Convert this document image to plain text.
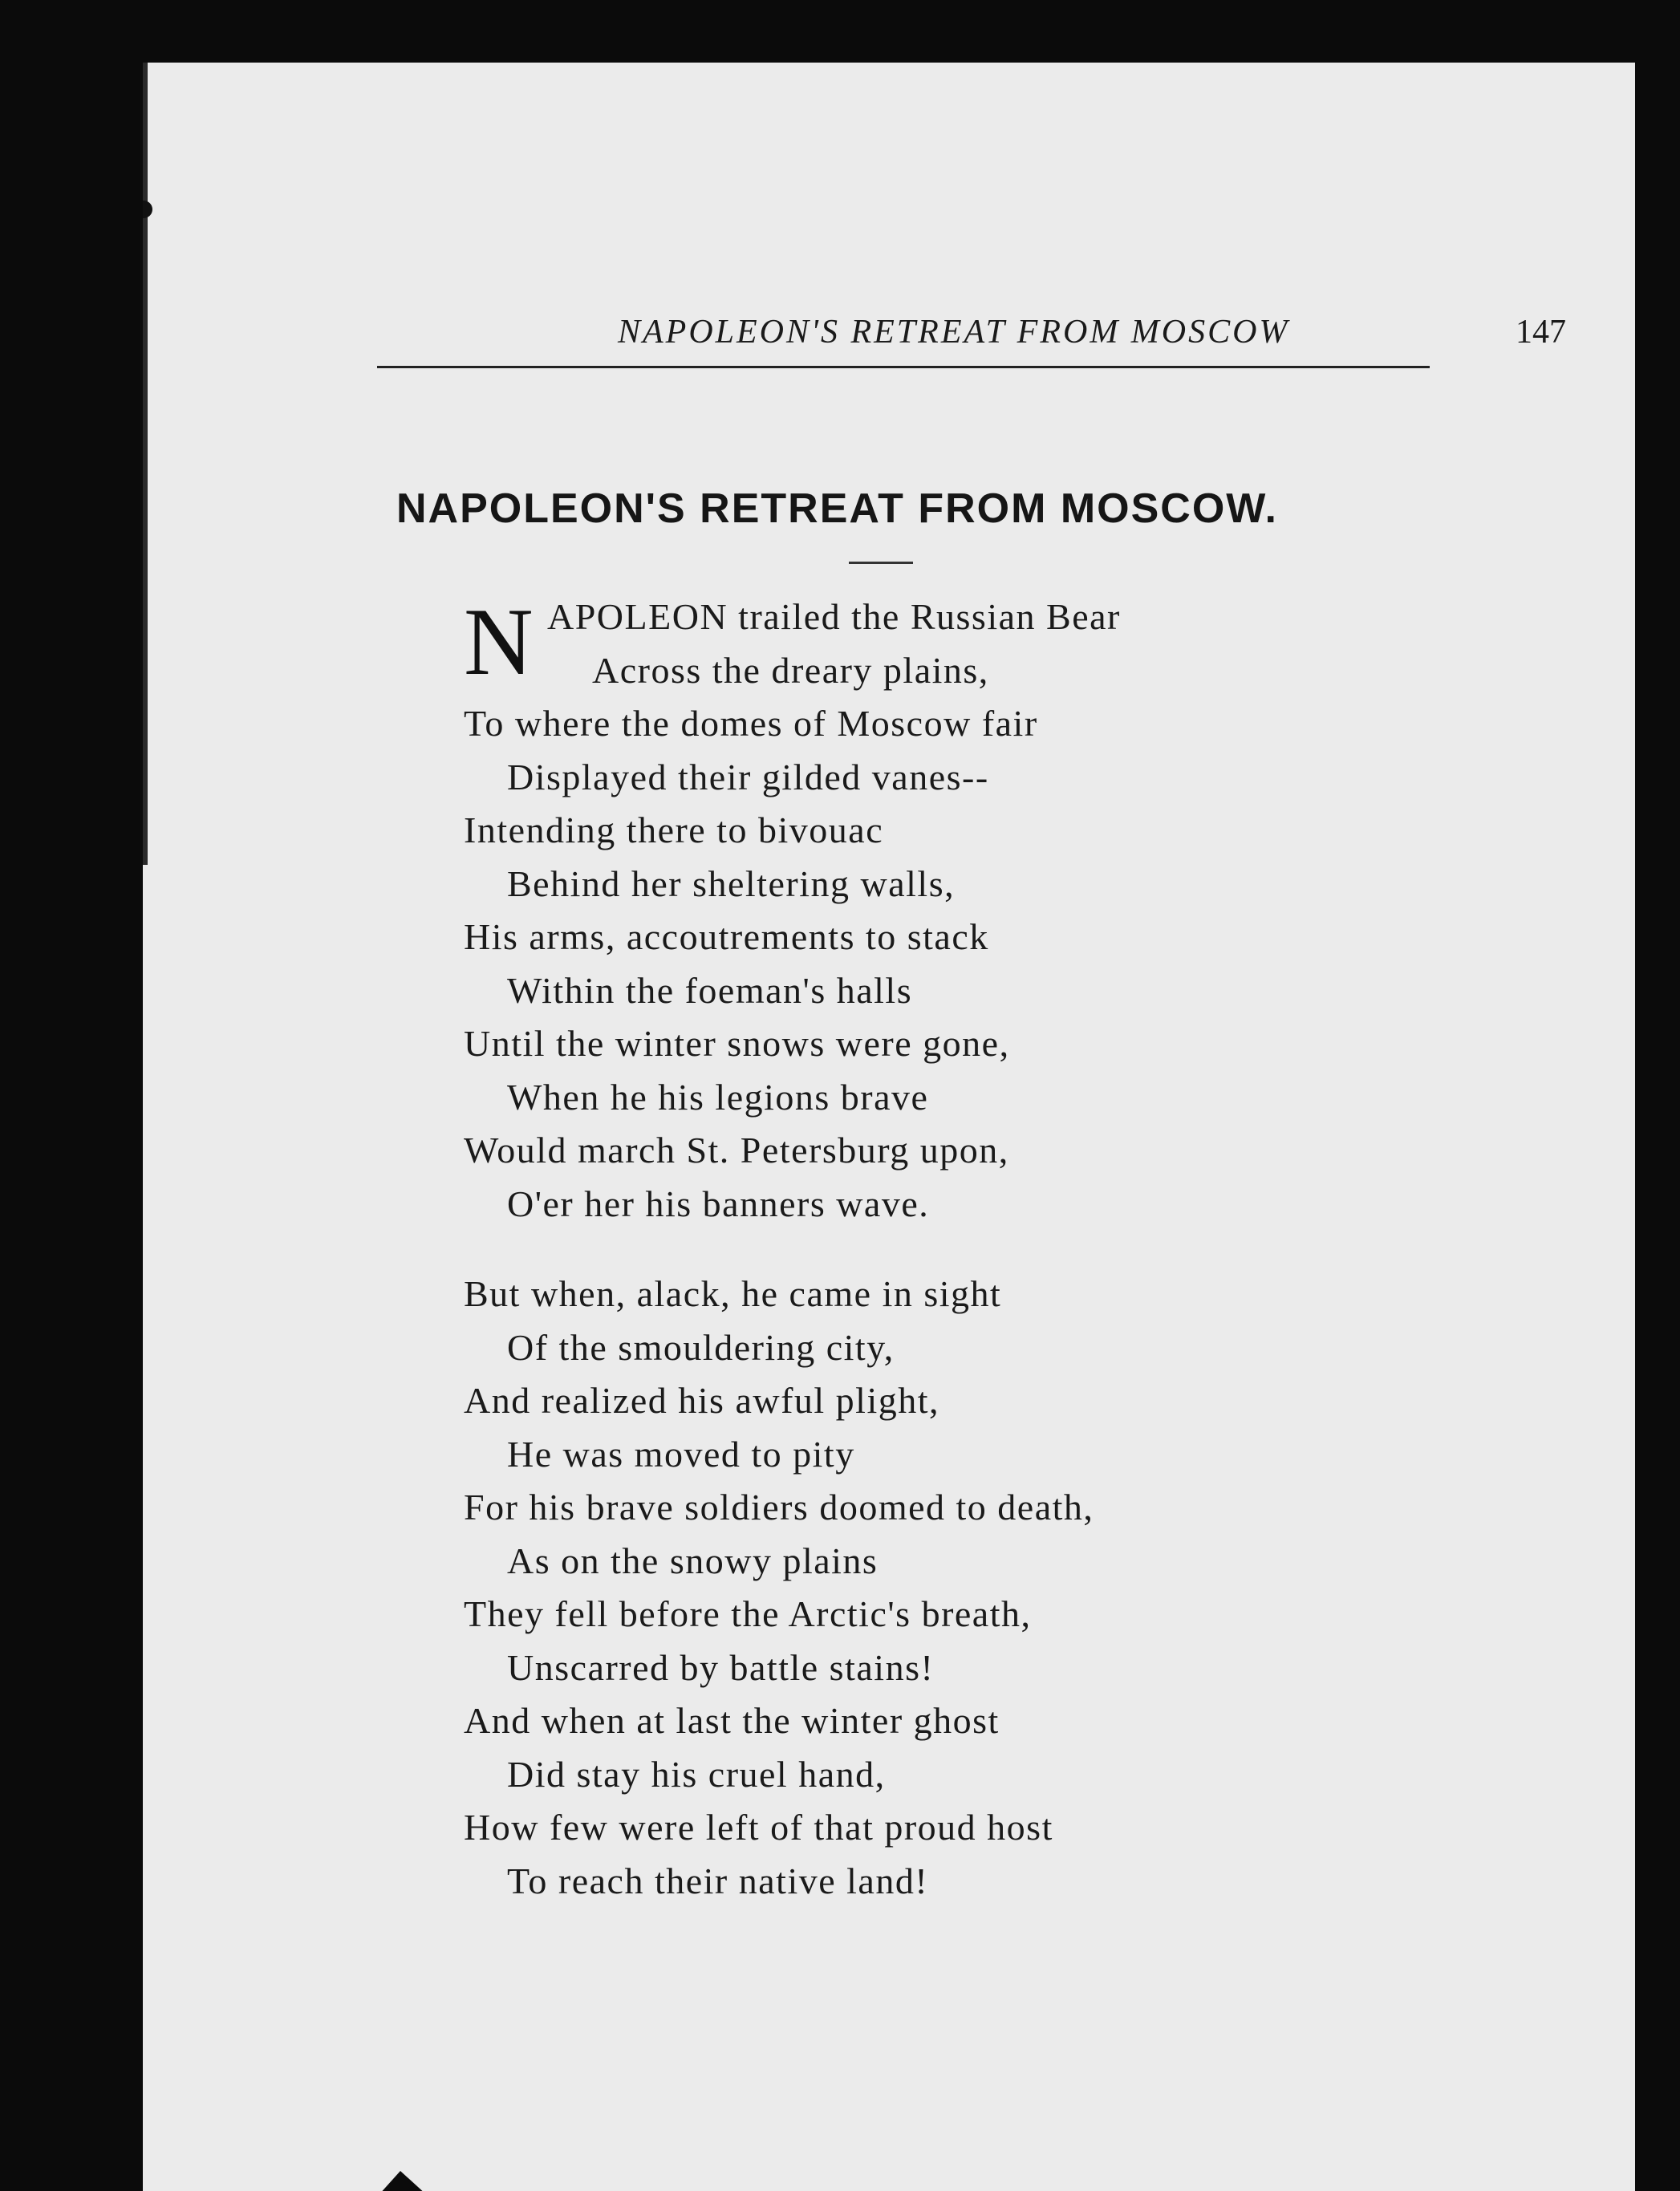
NAPOLEON'S RETREAT FROM MOSCOW	147
NAPOLEON'S RETREAT FROM MOSCOW.
N APOLEON trailed the Russian Bear
Across the dreary plains,
To where the domes of Moscow fair
Displayed their gilded vanes--
Intending there to bivouac
Behind her sheltering walls,
His arms, accoutrements to stack
Within the foeman's halls
Until the winter snows were gone,
When he his legions brave
Would march St. Petersburg upon,
O'er her his banners wave.
But when, alack, he came in sight
Of the smouldering city,
And realized his awful plight,
He was moved to pity
For his brave soldiers doomed to death,
As on the snowy plains
They fell before the Arctic's breath,
Unscarred by battle stains!
And when at last the winter ghost
Did stay his cruel hand,
How few were left of that proud host
To reach their native land!
